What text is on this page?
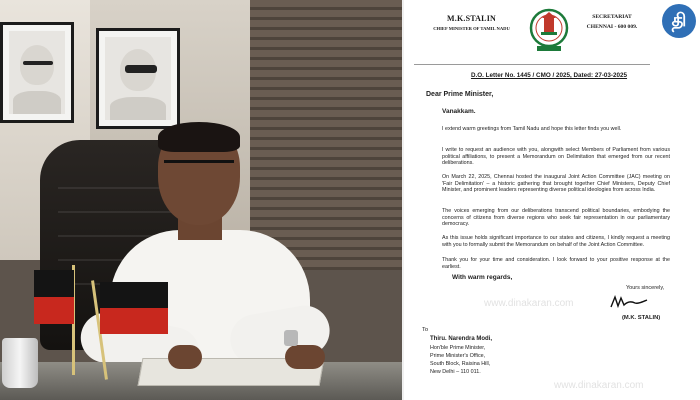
M.K.STALIN
CHIEF MINISTER OF TAMIL NADU
SECRETARIAT
CHENNAI - 600 009.	தி
D.O. Letter No. 1445 / CMO / 2025, Dated: 27-03-2025
Dear Prime Minister,
Vanakkam.
I extend warm greetings from Tamil Nadu and hope this letter finds you well.
I write to request an audience with you, alongwith select Members of Parliament from various political affiliations, to present a Memorandum on Delimitation that emerged from our recent deliberations.
On March 22, 2025, Chennai hosted the inaugural Joint Action Committee (JAC) meeting on 'Fair Delimitation' – a historic gathering that brought together Chief Ministers, Deputy Chief Minister, and prominent leaders representing diverse political ideologies from across India.
The voices emerging from our deliberations transcend political boundaries, embodying the concerns of citizens from diverse regions who seek fair representation in our parliamentary democracy.
As this issue holds significant importance to our states and citizens, I kindly request a meeting with you to formally submit the Memorandum on behalf of the Joint Action Committee.
Thank you for your time and consideration. I look forward to your positive response at the earliest.
With warm regards,
Yours sincerely,
(M.K. STALIN)
To
Thiru. Narendra Modi,
Hon'ble Prime Minister,
Prime Minister's Office,
South Block, Raisina Hill,
New Delhi – 110 011.
www.dinakaran.com
www.dinakaran.com
